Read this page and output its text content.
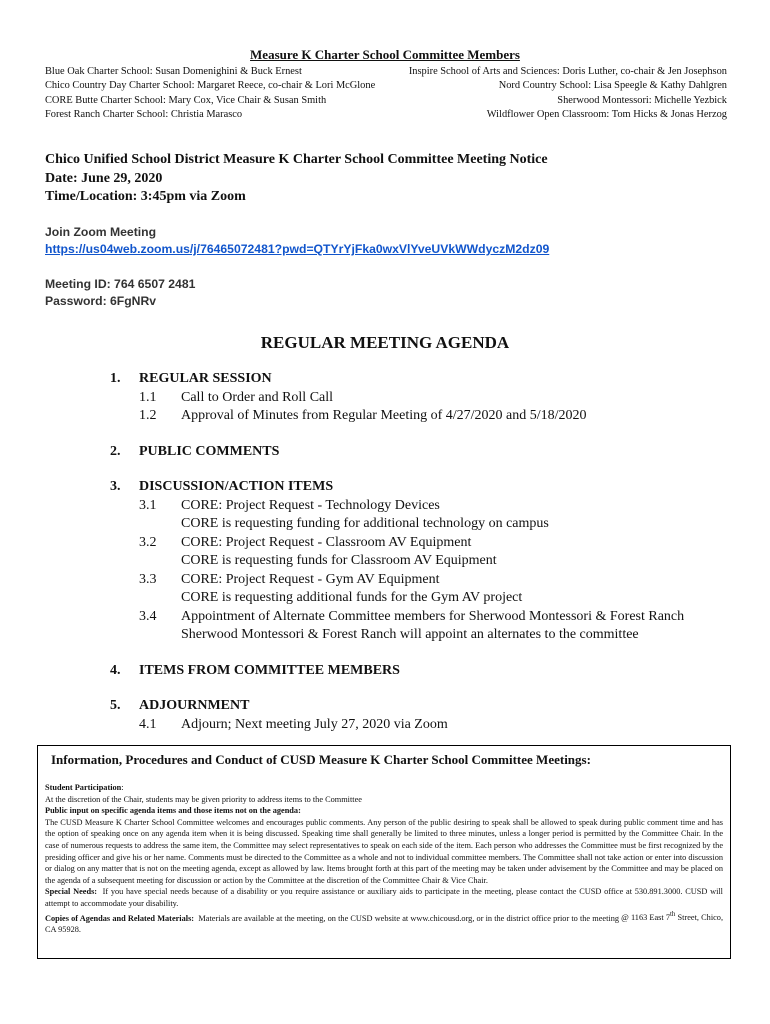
Measure K Charter School Committee Members
Blue Oak Charter School: Susan Domenighini & Buck Ernest	Inspire School of Arts and Sciences: Doris Luther, co-chair & Jen Josephson
Chico Country Day Charter School: Margaret Reece, co-chair & Lori McGlone	Nord Country School: Lisa Speegle & Kathy Dahlgren
CORE Butte Charter School: Mary Cox, Vice Chair & Susan Smith	Sherwood Montessori: Michelle Yezbick
Forest Ranch Charter School: Christia Marasco	Wildflower Open Classroom: Tom Hicks & Jonas Herzog
Chico Unified School District Measure K Charter School Committee Meeting Notice
Date: June 29, 2020
Time/Location: 3:45pm via Zoom
Join Zoom Meeting
https://us04web.zoom.us/j/76465072481?pwd=QTYrYjFka0wxVlYveUVkWWdyczM2dz09
Meeting ID: 764 6507 2481
Password: 6FgNRv
REGULAR MEETING AGENDA
1.	REGULAR SESSION
1.1	Call to Order and Roll Call
1.2	Approval of Minutes from Regular Meeting of 4/27/2020 and 5/18/2020
2.	PUBLIC COMMENTS
3.	DISCUSSION/ACTION ITEMS
3.1	CORE: Project Request - Technology Devices
CORE is requesting funding for additional technology on campus
3.2	CORE: Project Request - Classroom AV Equipment
CORE is requesting funds for Classroom AV Equipment
3.3	CORE: Project Request - Gym AV Equipment
CORE is requesting additional funds for the Gym AV project
3.4	Appointment of Alternate Committee members for Sherwood Montessori & Forest Ranch
Sherwood Montessori & Forest Ranch will appoint an alternates to the committee
4.	ITEMS FROM COMMITTEE MEMBERS
5.	ADJOURNMENT
4.1	Adjourn; Next meeting July 27, 2020 via Zoom
Information, Procedures and Conduct of CUSD Measure K Charter School Committee Meetings:
Student Participation:
At the discretion of the Chair, students may be given priority to address items to the Committee
Public input on specific agenda items and those items not on the agenda:
The CUSD Measure K Charter School Committee welcomes and encourages public comments. Any person of the public desiring to speak shall be allowed to speak during public comment time and has the option of speaking once on any agenda item when it is being discussed. Speaking time shall generally be limited to three minutes, unless a longer period is permitted by the Committee Chair. In the case of numerous requests to address the same item, the Committee may select representatives to speak on each side of the item. Each person who addresses the Committee must be first recognized by the presiding officer and give his or her name. Comments must be directed to the Committee as a whole and not to individual committee members. The Committee shall not take action or enter into discussion or dialog on any matter that is not on the meeting agenda, except as allowed by law. Items brought forth at this part of the meeting may be taken under advisement by the Committee and may be placed on the agenda of a subsequent meeting for discussion or action by the Committee at the discretion of the Committee Chair & Vice Chair.
Special Needs: If you have special needs because of a disability or you require assistance or auxiliary aids to participate in the meeting, please contact the CUSD office at 530.891.3000. CUSD will attempt to accommodate your disability.
Copies of Agendas and Related Materials: Materials are available at the meeting, on the CUSD website at www.chicousd.org, or in the district office prior to the meeting @ 1163 East 7th Street, Chico, CA 95928.
